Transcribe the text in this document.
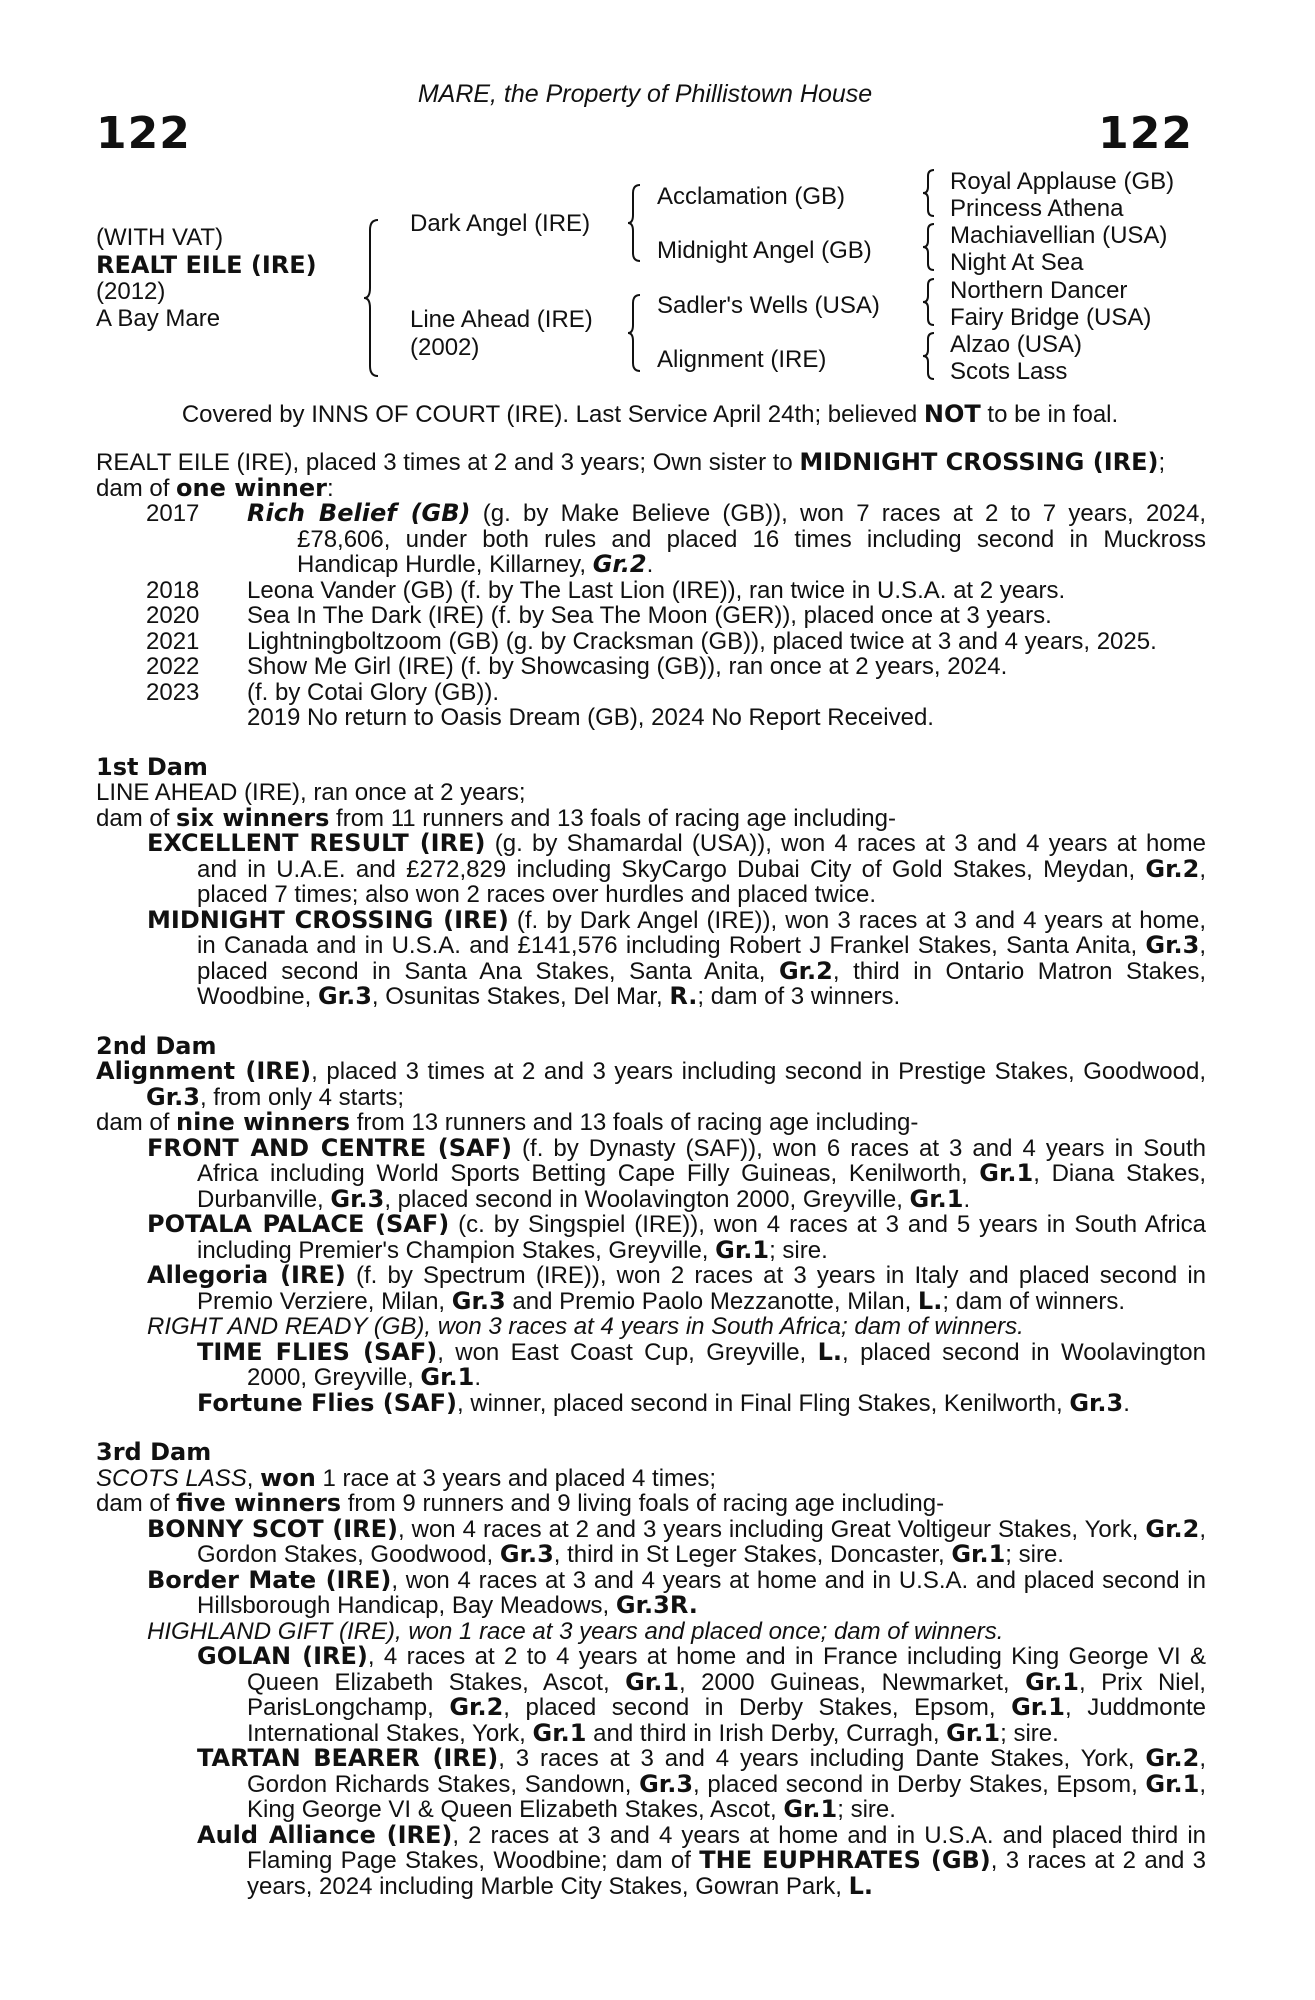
122
MARE, the Property of Phillistown House
122
(WITH VAT)
REALT EILE (IRE)
(2012)
A Bay Mare
Dark Angel (IRE)
Line Ahead (IRE)
(2002)
Acclamation (GB)
Midnight Angel (GB)
Sadler's Wells (USA)
Alignment (IRE)
Royal Applause (GB)
Princess Athena
Machiavellian (USA)
Night At Sea
Northern Dancer
Fairy Bridge (USA)
Alzao (USA)
Scots Lass
Covered by INNS OF COURT (IRE). Last Service April 24th; believed NOT to be in foal.

REALT EILE (IRE), placed 3 times at 2 and 3 years; Own sister to MIDNIGHT CROSSING (IRE);

dam of one winner:

2017	Rich Belief (GB) (g. by Make Believe (GB)), won 7 races at 2 to 7 years, 2024, £78,606, under both rules and placed 16 times including second in Muckross Handicap Hurdle, Killarney, Gr.2.
2018	Leona Vander (GB) (f. by The Last Lion (IRE)), ran twice in U.S.A. at 2 years.
2020	Sea In The Dark (IRE) (f. by Sea The Moon (GER)), placed once at 3 years.
2021	Lightningboltzoom (GB) (g. by Cracksman (GB)), placed twice at 3 and 4 years, 2025.
2022	Show Me Girl (IRE) (f. by Showcasing (GB)), ran once at 2 years, 2024.
2023	(f. by Cotai Glory (GB)).
2019 No return to Oasis Dream (GB), 2024 No Report Received.

1st Dam

LINE AHEAD (IRE), ran once at 2 years;

dam of six winners from 11 runners and 13 foals of racing age including-

EXCELLENT RESULT (IRE) (g. by Shamardal (USA)), won 4 races at 3 and 4 years at home and in U.A.E. and £272,829 including SkyCargo Dubai City of Gold Stakes, Meydan, Gr.2, placed 7 times; also won 2 races over hurdles and placed twice.

MIDNIGHT CROSSING (IRE) (f. by Dark Angel (IRE)), won 3 races at 3 and 4 years at home, in Canada and in U.S.A. and £141,576 including Robert J Frankel Stakes, Santa Anita, Gr.3, placed second in Santa Ana Stakes, Santa Anita, Gr.2, third in Ontario Matron Stakes, Woodbine, Gr.3, Osunitas Stakes, Del Mar, R.; dam of 3 winners.

2nd Dam

Alignment (IRE), placed 3 times at 2 and 3 years including second in Prestige Stakes, Goodwood, Gr.3, from only 4 starts;

dam of nine winners from 13 runners and 13 foals of racing age including-

FRONT AND CENTRE (SAF) (f. by Dynasty (SAF)), won 6 races at 3 and 4 years in South Africa including World Sports Betting Cape Filly Guineas, Kenilworth, Gr.1, Diana Stakes, Durbanville, Gr.3, placed second in Woolavington 2000, Greyville, Gr.1.

POTALA PALACE (SAF) (c. by Singspiel (IRE)), won 4 races at 3 and 5 years in South Africa including Premier's Champion Stakes, Greyville, Gr.1; sire.

Allegoria (IRE) (f. by Spectrum (IRE)), won 2 races at 3 years in Italy and placed second in Premio Verziere, Milan, Gr.3 and Premio Paolo Mezzanotte, Milan, L.; dam of winners.

RIGHT AND READY (GB), won 3 races at 4 years in South Africa; dam of winners.

TIME FLIES (SAF), won East Coast Cup, Greyville, L., placed second in Woolavington 2000, Greyville, Gr.1.

Fortune Flies (SAF), winner, placed second in Final Fling Stakes, Kenilworth, Gr.3.

3rd Dam

SCOTS LASS, won 1 race at 3 years and placed 4 times;

dam of five winners from 9 runners and 9 living foals of racing age including-

BONNY SCOT (IRE), won 4 races at 2 and 3 years including Great Voltigeur Stakes, York, Gr.2, Gordon Stakes, Goodwood, Gr.3, third in St Leger Stakes, Doncaster, Gr.1; sire.

Border Mate (IRE), won 4 races at 3 and 4 years at home and in U.S.A. and placed second in Hillsborough Handicap, Bay Meadows, Gr.3R.

HIGHLAND GIFT (IRE), won 1 race at 3 years and placed once; dam of winners.

GOLAN (IRE), 4 races at 2 to 4 years at home and in France including King George VI & Queen Elizabeth Stakes, Ascot, Gr.1, 2000 Guineas, Newmarket, Gr.1, Prix Niel, ParisLongchamp, Gr.2, placed second in Derby Stakes, Epsom, Gr.1, Juddmonte International Stakes, York, Gr.1 and third in Irish Derby, Curragh, Gr.1; sire.

TARTAN BEARER (IRE), 3 races at 3 and 4 years including Dante Stakes, York, Gr.2, Gordon Richards Stakes, Sandown, Gr.3, placed second in Derby Stakes, Epsom, Gr.1, King George VI & Queen Elizabeth Stakes, Ascot, Gr.1; sire.

Auld Alliance (IRE), 2 races at 3 and 4 years at home and in U.S.A. and placed third in Flaming Page Stakes, Woodbine; dam of THE EUPHRATES (GB), 3 races at 2 and 3 years, 2024 including Marble City Stakes, Gowran Park, L.
